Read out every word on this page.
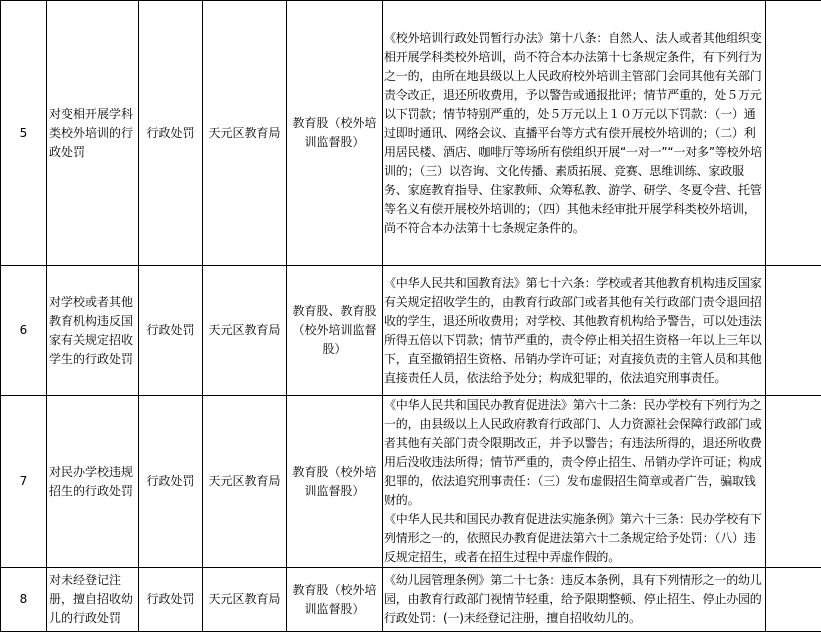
5	对变相开展学科类校外培训的行政处罚	行政处罚	天元区教育局	教育股（校外培训监督股）	《校外培训行政处罚暂行办法》第十八条：自然人、法人或者其他组织变相开展学科类校外培训，尚不符合本办法第十七条规定条件，有下列行为之一的，由所在地县级以上人民政府校外培训主管部门会同其他有关部门责令改正，退还所收费用，予以警告或通报批评；情节严重的，处５万元以下罚款；情节特别严重的，处５万元以上１０万元以下罚款：（一）通过即时通讯、网络会议、直播平台等方式有偿开展校外培训的；（二）利用居民楼、酒店、咖啡厅等场所有偿组织开展“一对一”“一对多”等校外培训的；（三）以咨询、文化传播、素质拓展、竞赛、思维训练、家政服务、家庭教育指导、住家教师、众筹私教、游学、研学、冬夏令营、托管等名义有偿开展校外培训的；（四）其他未经审批开展学科类校外培训，尚不符合本办法第十七条规定条件的。	

6	对学校或者其他教育机构违反国家有关规定招收学生的行政处罚	行政处罚	天元区教育局	教育股、教育股（校外培训监督股）	《中华人民共和国教育法》第七十六条：学校或者其他教育机构违反国家有关规定招收学生的，由教育行政部门或者其他有关行政部门责令退回招收的学生，退还所收费用；对学校、其他教育机构给予警告，可以处违法所得五倍以下罚款；情节严重的，责令停止相关招生资格一年以上三年以下，直至撤销招生资格、吊销办学许可证；对直接负责的主管人员和其他直接责任人员，依法给予处分；构成犯罪的，依法追究刑事责任。	

7	对民办学校违规招生的行政处罚	行政处罚	天元区教育局	教育股（校外培训监督股）	《中华人民共和国民办教育促进法》第六十二条：民办学校有下列行为之一的，由县级以上人民政府教育行政部门、人力资源社会保障行政部门或者其他有关部门责令限期改正，并予以警告；有违法所得的，退还所收费用后没收违法所得；情节严重的，责令停止招生、吊销办学许可证；构成犯罪的，依法追究刑事责任：（三）发布虚假招生简章或者广告，骗取钱财的。
《中华人民共和国民办教育促进法实施条例》第六十三条：民办学校有下列情形之一的，依照民办教育促进法第六十二条规定给予处罚：（八）违反规定招生，或者在招生过程中弄虚作假的。	

8	对未经登记注册，擅自招收幼儿的行政处罚	行政处罚	天元区教育局	教育股（校外培训监督股）	《幼儿园管理条例》第二十七条：违反本条例，具有下列情形之一的幼儿园，由教育行政部门视情节轻重，给予限期整顿、停止招生、停止办园的行政处罚：(一)未经登记注册，擅自招收幼儿的。	
